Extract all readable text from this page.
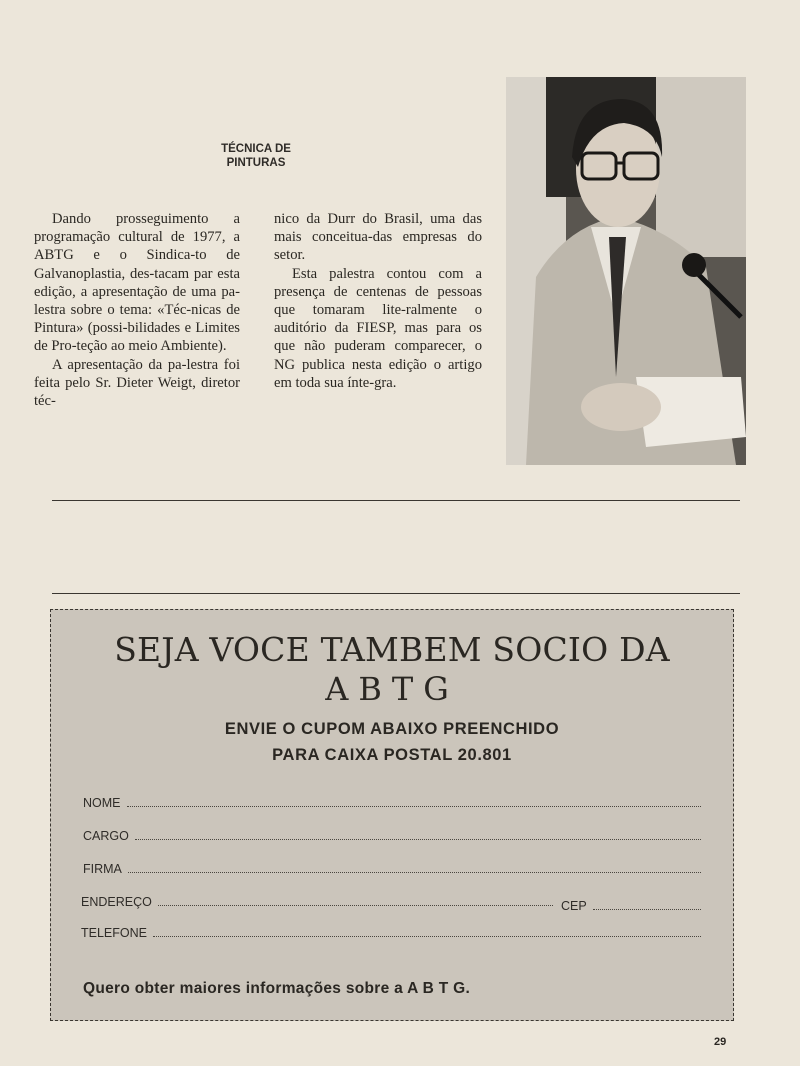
TÉCNICA DE
PINTURAS

Dando prosseguimento a programação cultural de 1977, a ABTG e o Sindica-to de Galvanoplastia, des-tacam par esta edição, a apresentação de uma pa-lestra sobre o tema: «Téc-nicas de Pintura» (possi-bilidades e Limites de Pro-teção ao meio Ambiente).

A apresentação da pa-lestra foi feita pelo Sr. Dieter Weigt, diretor téc-

nico da Durr do Brasil, uma das mais conceitua-das empresas do setor.

Esta palestra contou com a presença de centenas de pessoas que tomaram lite-ralmente o auditório da FIESP, mas para os que não puderam comparecer, o NG publica nesta edição o artigo em toda sua ínte-gra.

SEJA VOCE TAMBEM SOCIO DA
ABTG
ENVIE O CUPOM ABAIXO PREENCHIDO
PARA CAIXA POSTAL 20.801
NOME
CARGO
FIRMA
ENDEREÇO	CEP
TELEFONE
Quero obter maiores informações sobre a A B T G.
29
